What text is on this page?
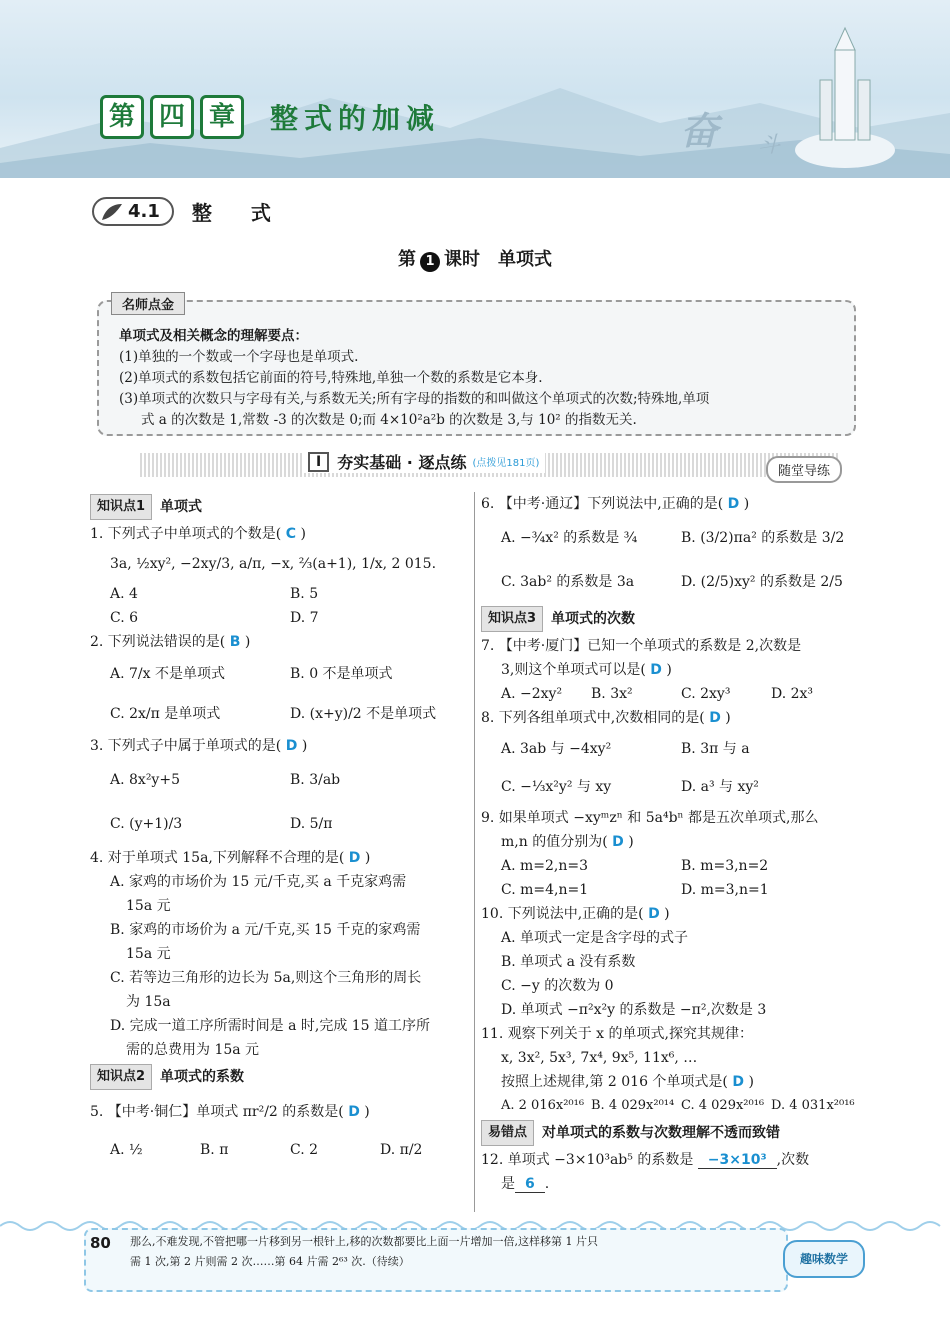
第 四 章	整式的加减	奋 斗
4.1 整 式
第 1 课时　单项式
名师点金
单项式及相关概念的理解要点：
(1)单独的一个数或一个字母也是单项式.
(2)单项式的系数包括它前面的符号,特殊地,单独一个数的系数是它本身.
(3)单项式的次数只与字母有关,与系数无关;所有字母的指数的和叫做这个单项式的次数;特殊地,单项
式 a 的次数是 1,常数 -3 的次数是 0;而 4×10²a²b 的次数是 3,与 10² 的指数无关.
Ⅰ	夯实基础 · 逐点练 (点拨见181页)
随堂导练
知识点1	单项式
1. 下列式子中单项式的个数是( C )
3a, ½xy², −2xy/3, a/π, −x, ⅔(a+1), 1/x, 2 015.
A. 4	B. 5
C. 6	D. 7
2. 下列说法错误的是( B )
A. 7/x 不是单项式	B. 0 不是单项式
C. 2x/π 是单项式	D. (x+y)/2 不是单项式
3. 下列式子中属于单项式的是( D )
A. 8x²y+5	B. 3/ab
C. (y+1)/3	D. 5/π
4. 对于单项式 15a,下列解释不合理的是( D )
A. 家鸡的市场价为 15 元/千克,买 a 千克家鸡需
15a 元
B. 家鸡的市场价为 a 元/千克,买 15 千克的家鸡需
15a 元
C. 若等边三角形的边长为 5a,则这个三角形的周长
为 15a
D. 完成一道工序所需时间是 a 时,完成 15 道工序所
需的总费用为 15a 元
知识点2	单项式的系数
5. 【中考·铜仁】单项式 πr²/2 的系数是( D )
A. ½	B. π	C. 2	D. π/2
6. 【中考·通辽】下列说法中,正确的是( D )
A. −¾x² 的系数是 ¾	B. (3/2)πa² 的系数是 3/2
C. 3ab² 的系数是 3a	D. (2/5)xy² 的系数是 2/5
知识点3	单项式的次数
7. 【中考·厦门】已知一个单项式的系数是 2,次数是
3,则这个单项式可以是( D )
A. −2xy²	B. 3x²	C. 2xy³	D. 2x³
8. 下列各组单项式中,次数相同的是( D )
A. 3ab 与 −4xy²	B. 3π 与 a
C. −⅓x²y² 与 xy	D. a³ 与 xy²
9. 如果单项式 −xyᵐzⁿ 和 5a⁴bⁿ 都是五次单项式,那么
m,n 的值分别为( D )
A. m=2,n=3	B. m=3,n=2
C. m=4,n=1	D. m=3,n=1
10. 下列说法中,正确的是( D )
A. 单项式一定是含字母的式子
B. 单项式 a 没有系数
C. −y 的次数为 0
D. 单项式 −π²x²y 的系数是 −π²,次数是 3
11. 观察下列关于 x 的单项式,探究其规律：
x, 3x², 5x³, 7x⁴, 9x⁵, 11x⁶, …
按照上述规律,第 2 016 个单项式是( D )
A. 2 016x²⁰¹⁶ B. 4 029x²⁰¹⁴ C. 4 029x²⁰¹⁶ D. 4 031x²⁰¹⁶
易错点	对单项式的系数与次数理解不透而致错
12. 单项式 −3×10³ab⁵ 的系数是 −3×10³ ,次数
是 6 .
80 那么,不难发现,不管把哪一片移到另一根针上,移的次数都要比上面一片增加一倍,这样移第 1 片只
需 1 次,第 2 片则需 2 次……第 64 片需 2⁶³ 次.（待续）	趣味数学
